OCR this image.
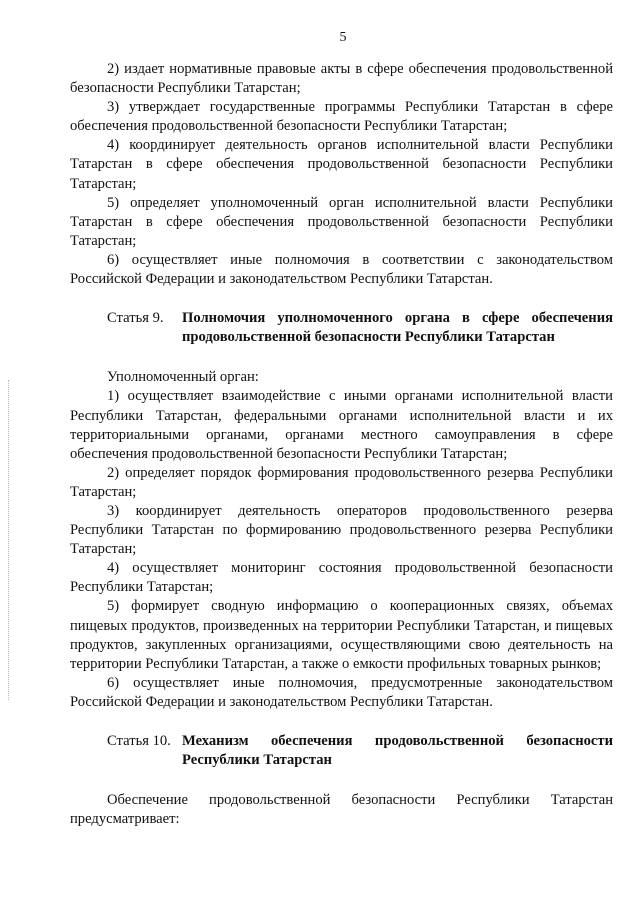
5

2) издает нормативные правовые акты в сфере обеспечения продовольственной безопасности Республики Татарстан;

3) утверждает государственные программы Республики Татарстан в сфере обеспечения продовольственной безопасности Республики Татарстан;

4) координирует деятельность органов исполнительной власти Республики Татарстан в сфере обеспечения продовольственной безопасности Республики Татарстан;

5) определяет уполномоченный орган исполнительной власти Республики Татарстан в сфере обеспечения продовольственной безопасности Республики Татарстан;

6) осуществляет иные полномочия в соответствии с законодательством Российской Федерации и законодательством Республики Татарстан.

Статья 9.	Полномочия уполномоченного органа в сфере обеспечения продовольственной безопасности Республики Татарстан

Уполномоченный орган:

1) осуществляет взаимодействие с иными органами исполнительной власти Республики Татарстан, федеральными органами исполнительной власти и их территориальными органами, органами местного самоуправления в сфере обеспечения продовольственной безопасности Республики Татарстан;

2) определяет порядок формирования продовольственного резерва Республики Татарстан;

3) координирует деятельность операторов продовольственного резерва Республики Татарстан по формированию продовольственного резерва Республики Татарстан;

4) осуществляет мониторинг состояния продовольственной безопасности Республики Татарстан;

5) формирует сводную информацию о кооперационных связях, объемах пищевых продуктов, произведенных на территории Республики Татарстан, и пищевых продуктов, закупленных организациями, осуществляющими свою деятельность на территории Республики Татарстан, а также о емкости профильных товарных рынков;

6) осуществляет иные полномочия, предусмотренные законодательством Российской Федерации и законодательством Республики Татарстан.

Статья 10. Механизм обеспечения продовольственной безопасности Республики Татарстан

Обеспечение продовольственной безопасности Республики Татарстан предусматривает:
